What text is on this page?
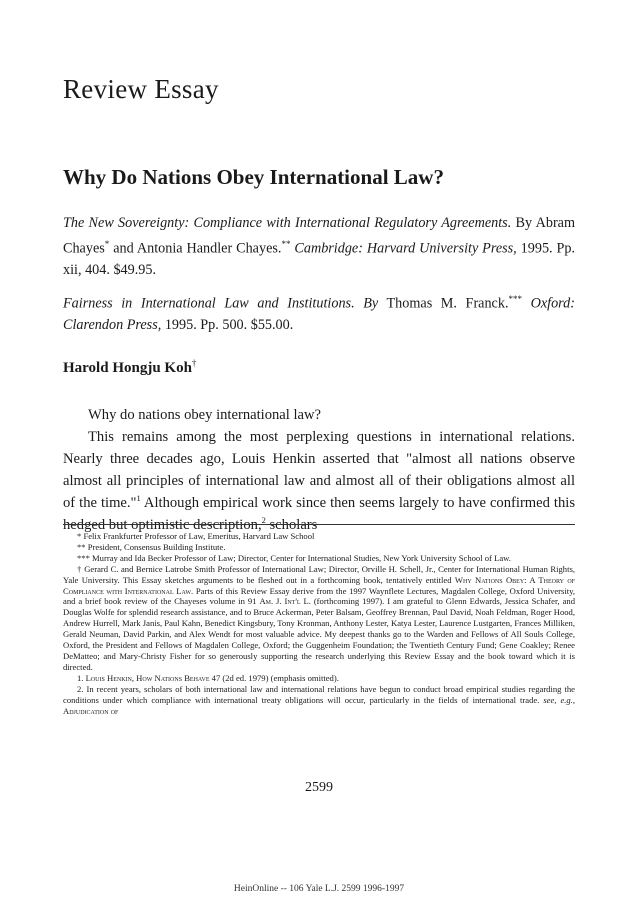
Review Essay
Why Do Nations Obey International Law?
The New Sovereignty: Compliance with International Regulatory Agreements. By Abram Chayes* and Antonia Handler Chayes.** Cambridge: Harvard University Press, 1995. Pp. xii, 404. $49.95.
Fairness in International Law and Institutions. By Thomas M. Franck.*** Oxford: Clarendon Press, 1995. Pp. 500. $55.00.
Harold Hongju Koh†

Why do nations obey international law?

This remains among the most perplexing questions in international relations. Nearly three decades ago, Louis Henkin asserted that "almost all nations observe almost all principles of international law and almost all of their obligations almost all of the time."$^1$ Although empirical work since then seems largely to have confirmed this hedged but optimistic description,$^2$ scholars

* Felix Frankfurter Professor of Law, Emeritus, Harvard Law School

** President, Consensus Building Institute.

*** Murray and Ida Becker Professor of Law; Director, Center for International Studies, New York University School of Law.

† Gerard C. and Bernice Latrobe Smith Professor of International Law; Director, Orville H. Schell, Jr., Center for International Human Rights, Yale University. This Essay sketches arguments to be fleshed out in a forthcoming book, tentatively entitled Why Nations Obey: A Theory of Compliance with International Law. Parts of this Review Essay derive from the 1997 Waynflete Lectures, Magdalen College, Oxford University, and a brief book review of the Chayeses volume in 91 Am. J. Int'l L. (forthcoming 1997). I am grateful to Glenn Edwards, Jessica Schafer, and Douglas Wolfe for splendid research assistance, and to Bruce Ackerman, Peter Balsam, Geoffrey Brennan, Paul David, Noah Feldman, Roger Hood, Andrew Hurrell, Mark Janis, Paul Kahn, Benedict Kingsbury, Tony Kronman, Anthony Lester, Katya Lester, Laurence Lustgarten, Frances Milliken, Gerald Neuman, David Parkin, and Alex Wendt for most valuable advice. My deepest thanks go to the Warden and Fellows of All Souls College, Oxford, the President and Fellows of Magdalen College, Oxford; the Guggenheim Foundation; the Twentieth Century Fund; Gene Coakley; Renee DeMatteo; and Mary-Christy Fisher for so generously supporting the research underlying this Review Essay and the book toward which it is directed.

1. Louis Henkin, How Nations Behave 47 (2d ed. 1979) (emphasis omitted).

2. In recent years, scholars of both international law and international relations have begun to conduct broad empirical studies regarding the conditions under which compliance with international treaty obligations will occur, particularly in the fields of international trade. see, e.g., Adjudication of

2599
HeinOnline -- 106 Yale L.J. 2599 1996-1997
